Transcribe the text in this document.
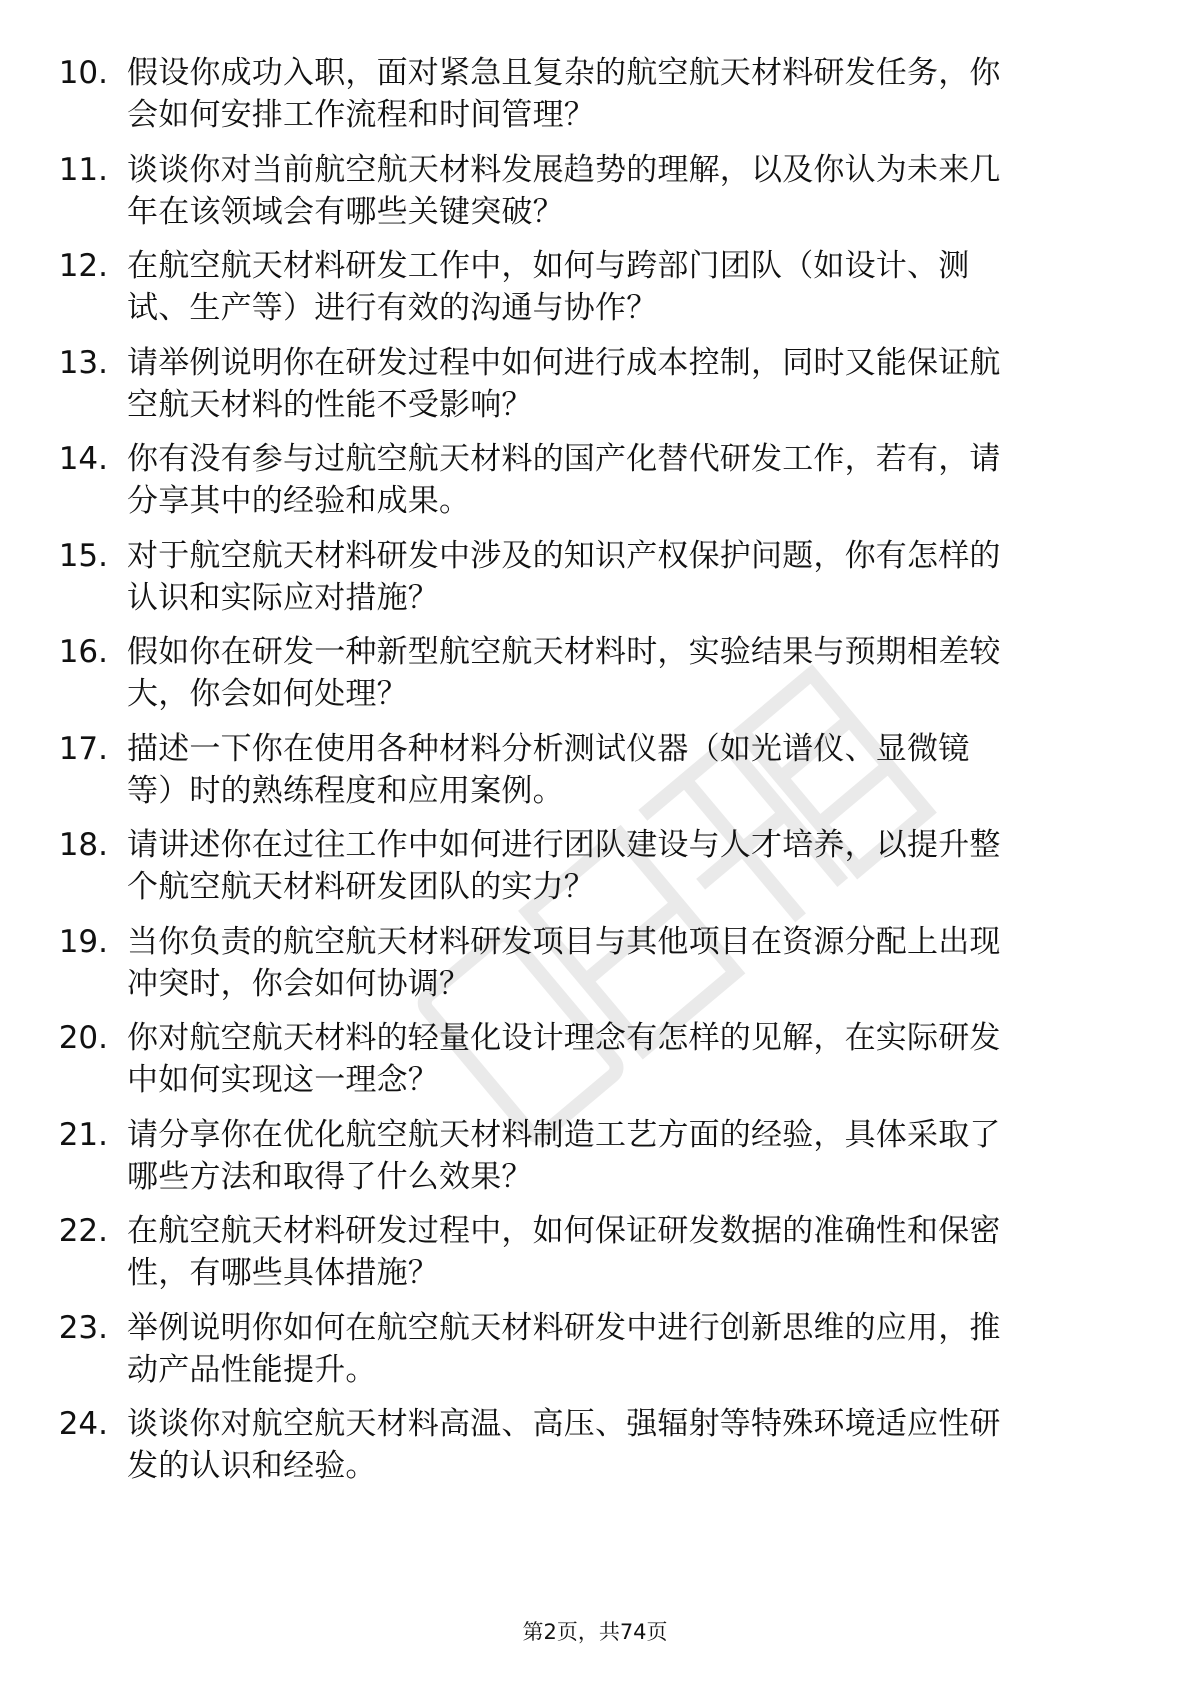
10. 假设你成功入职，面对紧急且复杂的航空航天材料研发任务，你
会如何安排工作流程和时间管理？
11. 谈谈你对当前航空航天材料发展趋势的理解，以及你认为未来几
年在该领域会有哪些关键突破？
12. 在航空航天材料研发工作中，如何与跨部门团队（如设计、测
试、生产等）进行有效的沟通与协作？
13. 请举例说明你在研发过程中如何进行成本控制，同时又能保证航
空航天材料的性能不受影响？
14. 你有没有参与过航空航天材料的国产化替代研发工作，若有，请
分享其中的经验和成果。
15. 对于航空航天材料研发中涉及的知识产权保护问题，你有怎样的
认识和实际应对措施？
16. 假如你在研发一种新型航空航天材料时，实验结果与预期相差较
大，你会如何处理？
17. 描述一下你在使用各种材料分析测试仪器（如光谱仪、显微镜
等）时的熟练程度和应用案例。
18. 请讲述你在过往工作中如何进行团队建设与人才培养，以提升整
个航空航天材料研发团队的实力？
19. 当你负责的航空航天材料研发项目与其他项目在资源分配上出现
冲突时，你会如何协调？
20. 你对航空航天材料的轻量化设计理念有怎样的见解，在实际研发
中如何实现这一理念？
21. 请分享你在优化航空航天材料制造工艺方面的经验，具体采取了
哪些方法和取得了什么效果？
22. 在航空航天材料研发过程中，如何保证研发数据的准确性和保密
性，有哪些具体措施？
23. 举例说明你如何在航空航天材料研发中进行创新思维的应用，推
动产品性能提升。
24. 谈谈你对航空航天材料高温、高压、强辐射等特殊环境适应性研
发的认识和经验。
第2页，共74页
